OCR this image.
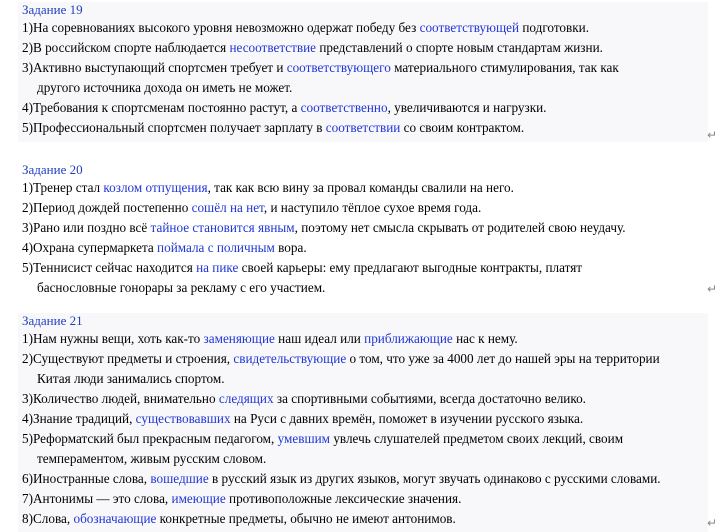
Задание 19
1)На соревнованиях высокого уровня невозможно одержат победу без соответствующей подготовки.
2)В российском спорте наблюдается несоответствие представлений о спорте новым стандартам жизни.
3)Активно выступающий спортсмен требует и соответствующего материального стимулирования, так как
другого источника дохода он иметь не может.
4)Требования к спортсменам постоянно растут, а соответственно, увеличиваются и нагрузки.
5)Профессиональный спортсмен получает зарплату в соответствии со своим контрактом.	↵
Задание 20
1)Тренер стал козлом отпущения, так как всю вину за провал команды свалили на него.
2)Период дождей постепенно сошёл на нет, и наступило тёплое сухое время года.
3)Рано или поздно всё тайное становится явным, поэтому нет смысла скрывать от родителей свою неудачу.
4)Охрана супермаркета поймала с поличным вора.
5)Теннисист сейчас находится на пике своей карьеры: ему предлагают выгодные контракты, платят
баснословные гонорары за рекламу с его участием.	↵
Задание 21
1)Нам нужны вещи, хоть как-то заменяющие наш идеал или приближающие нас к нему.
2)Существуют предметы и строения, свидетельствующие о том, что уже за 4000 лет до нашей эры на территории
Китая люди занимались спортом.
3)Количество людей, внимательно следящих за спортивными событиями, всегда достаточно велико.
4)Знание традиций, существовавших на Руси с давних времён, поможет в изучении русского языка.
5)Реформатский был прекрасным педагогом, умевшим увлечь слушателей предметом своих лекций, своим
темпераментом, живым русским словом.
6)Иностранные слова, вошедшие в русский язык из других языков, могут звучать одинаково с русскими словами.
7)Антонимы — это слова, имеющие противоположные лексические значения.
8)Слова, обозначающие конкретные предметы, обычно не имеют антонимов.	↵
